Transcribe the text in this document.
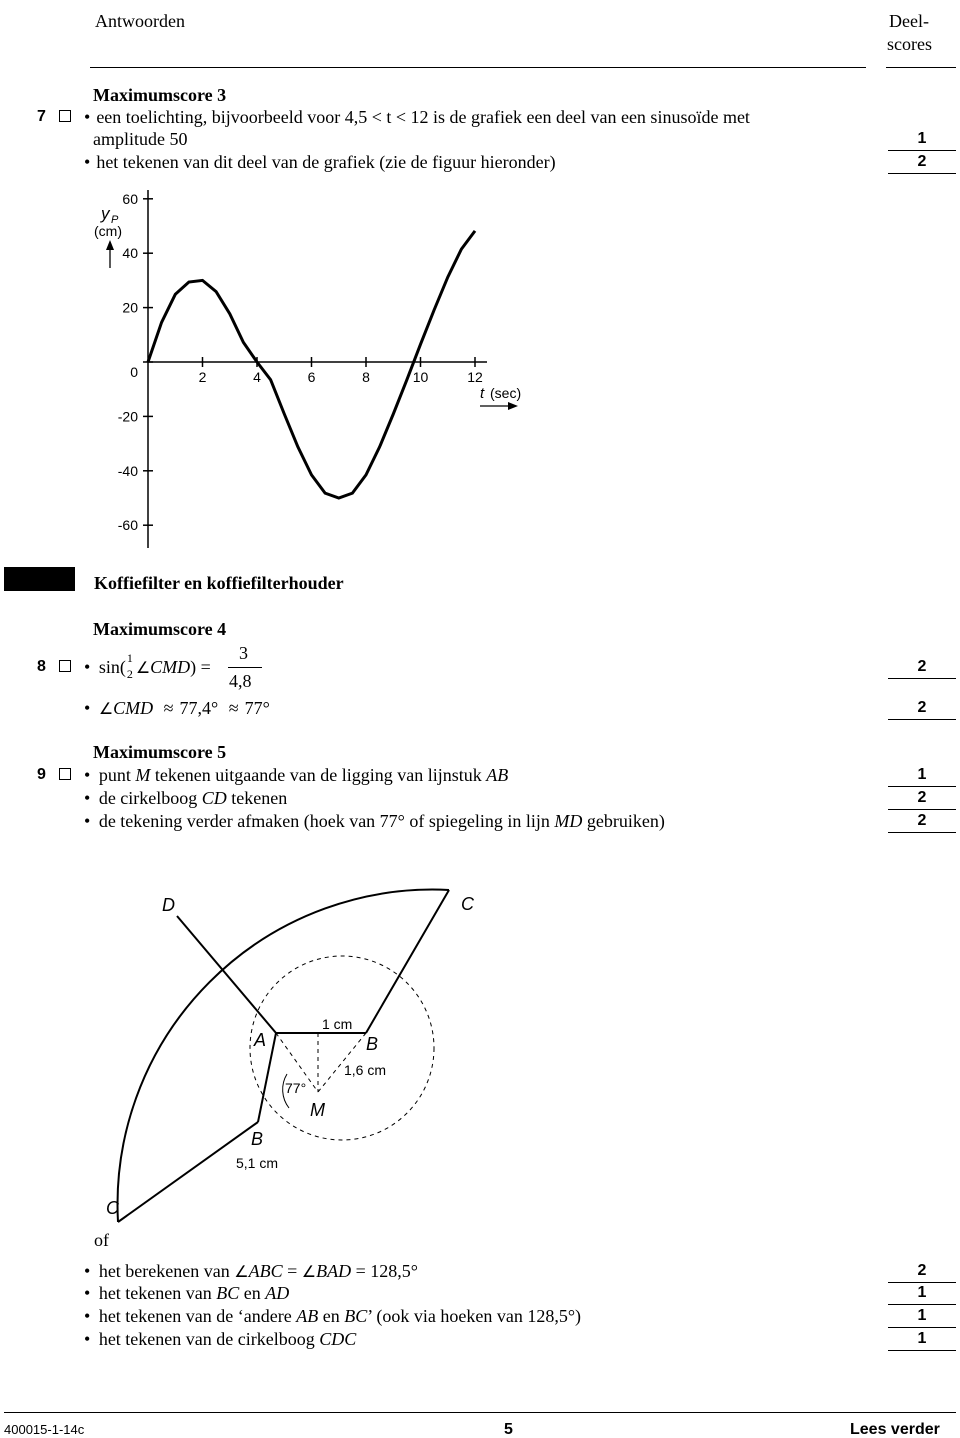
Antwoorden	Deel-
scores
Maximumscore 3
7	• een toelichting, bijvoorbeeld voor 4,5 < t < 12 is de grafiek een deel van een sinusoïde met
amplitude 50	1
• het tekenen van dit deel van de grafiek (zie de figuur hieronder)	2
60
40
20
0
-20
-40
-60
2	4	6	8	10	12
y P
(cm)
t (sec)
Koffiefilter en koffiefilterhouder
Maximumscore 4
8 • sin( 1
2 ∠CMD) =
3
4,8
2
• ∠CMD ≈ 77,4° ≈ 77°	2
Maximumscore 5
9 • punt M tekenen uitgaande van de ligging van lijnstuk AB	1
• de cirkelboog CD tekenen	2
• de tekening verder afmaken (hoek van 77° of spiegeling in lijn MD gebruiken)	2
D	C
A	B
B
M
C
1 cm
1,6 cm
5,1 cm
77°
of
• het berekenen van ∠ABC = ∠BAD = 128,5°	2
• het tekenen van BC en AD	1
• het tekenen van de ‘andere AB en BC’ (ook via hoeken van 128,5°)	1
• het tekenen van de cirkelboog CDC	1
400015-1-14c	5	Lees verder
